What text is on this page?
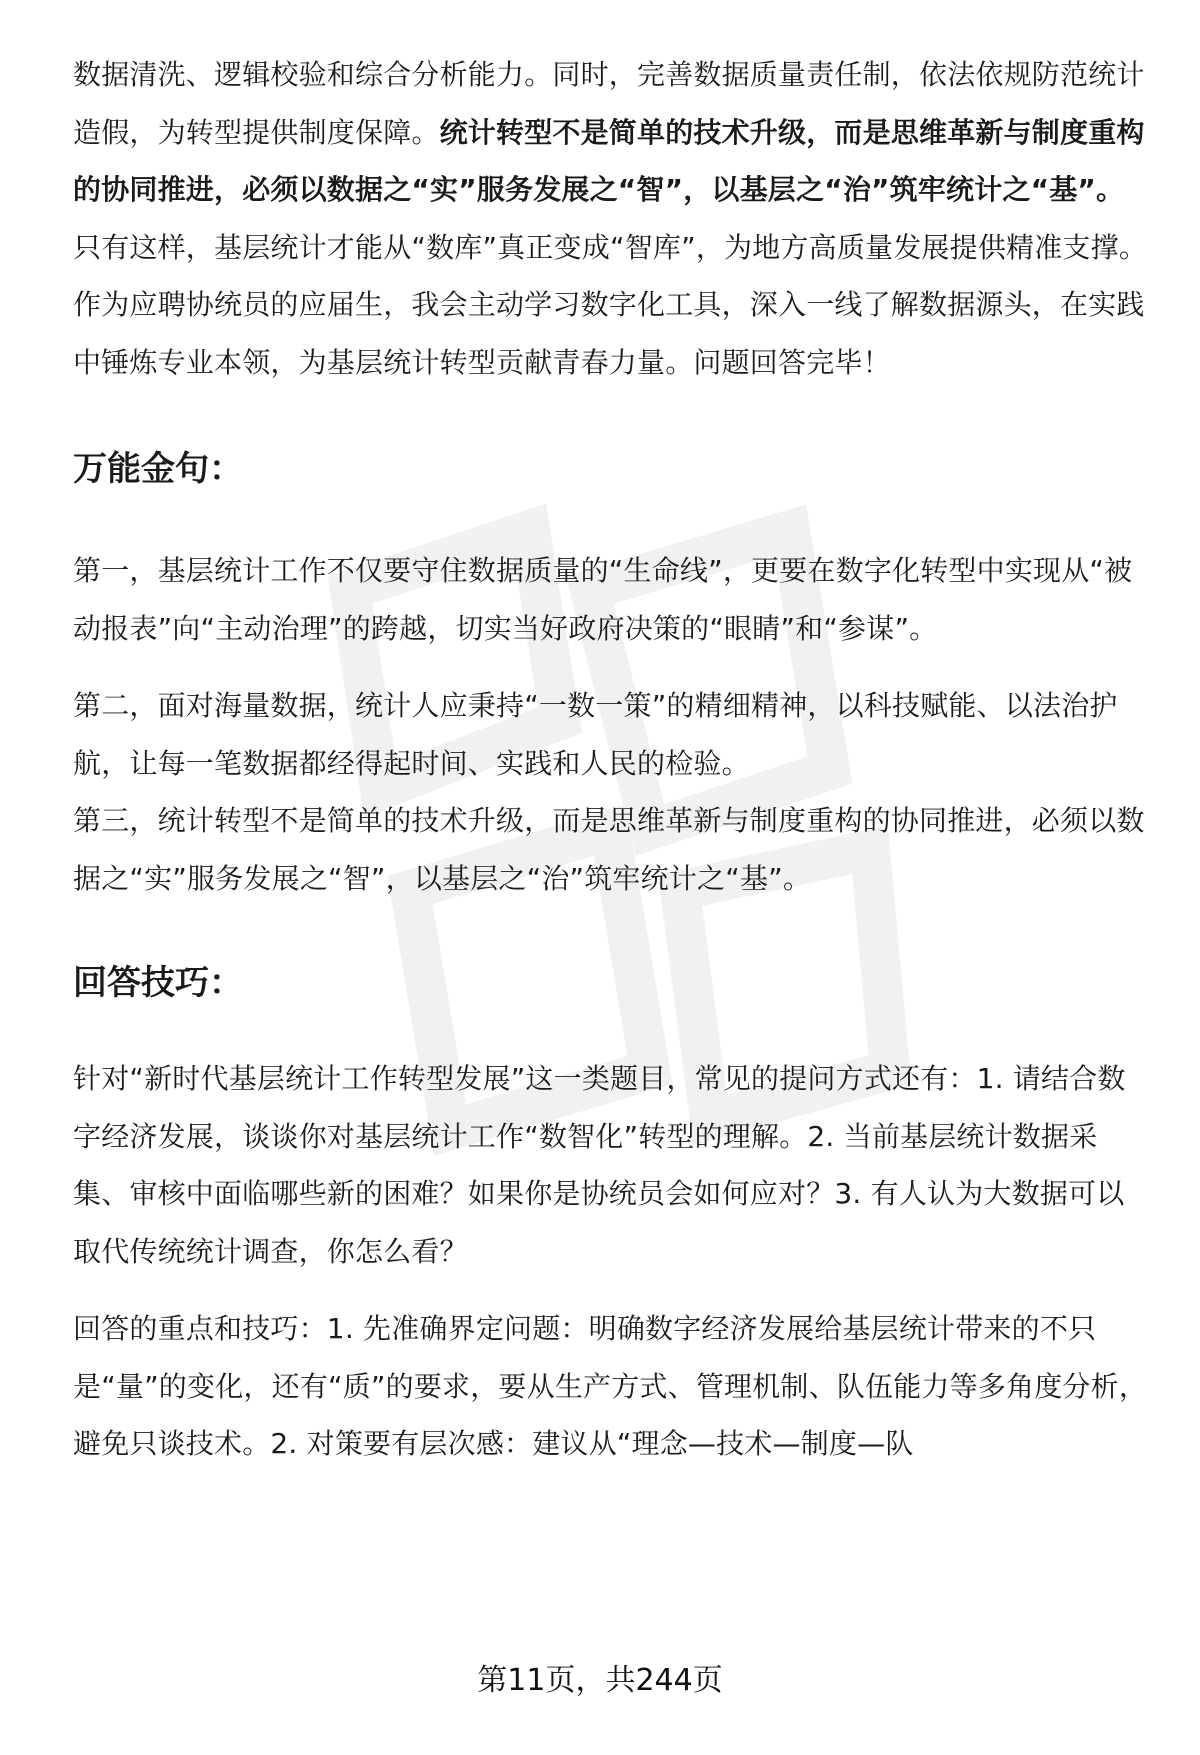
数据清洗、逻辑校验和综合分析能力。同时，完善数据质量责任制，依法依规防范统计造假，为转型提供制度保障。统计转型不是简单的技术升级，而是思维革新与制度重构的协同推进，必须以数据之“实”服务发展之“智”，以基层之“治”筑牢统计之“基”。 只有这样，基层统计才能从“数库”真正变成“智库”，为地方高质量发展提供精准支撑。作为应聘协统员的应届生，我会主动学习数字化工具，深入一线了解数据源头，在实践中锤炼专业本领，为基层统计转型贡献青春力量。问题回答完毕！

万能金句：

第一，基层统计工作不仅要守住数据质量的“生命线”，更要在数字化转型中实现从“被动报表”向“主动治理”的跨越，切实当好政府决策的“眼睛”和“参谋”。

第二，面对海量数据，统计人应秉持“一数一策”的精细精神，以科技赋能、以法治护航，让每一笔数据都经得起时间、实践和人民的检验。

第三，统计转型不是简单的技术升级，而是思维革新与制度重构的协同推进，必须以数据之“实”服务发展之“智”，以基层之“治”筑牢统计之“基”。

回答技巧：

针对“新时代基层统计工作转型发展”这一类题目，常见的提问方式还有：1. 请结合数字经济发展，谈谈你对基层统计工作“数智化”转型的理解。2. 当前基层统计数据采集、审核中面临哪些新的困难？如果你是协统员会如何应对？3. 有人认为大数据可以取代传统统计调查，你怎么看？

回答的重点和技巧：1. 先准确界定问题：明确数字经济发展给基层统计带来的不只是“量”的变化，还有“质”的要求，要从生产方式、管理机制、队伍能力等多角度分析，避免只谈技术。2. 对策要有层次感：建议从“理念—技术—制度—队

第11页，共244页
